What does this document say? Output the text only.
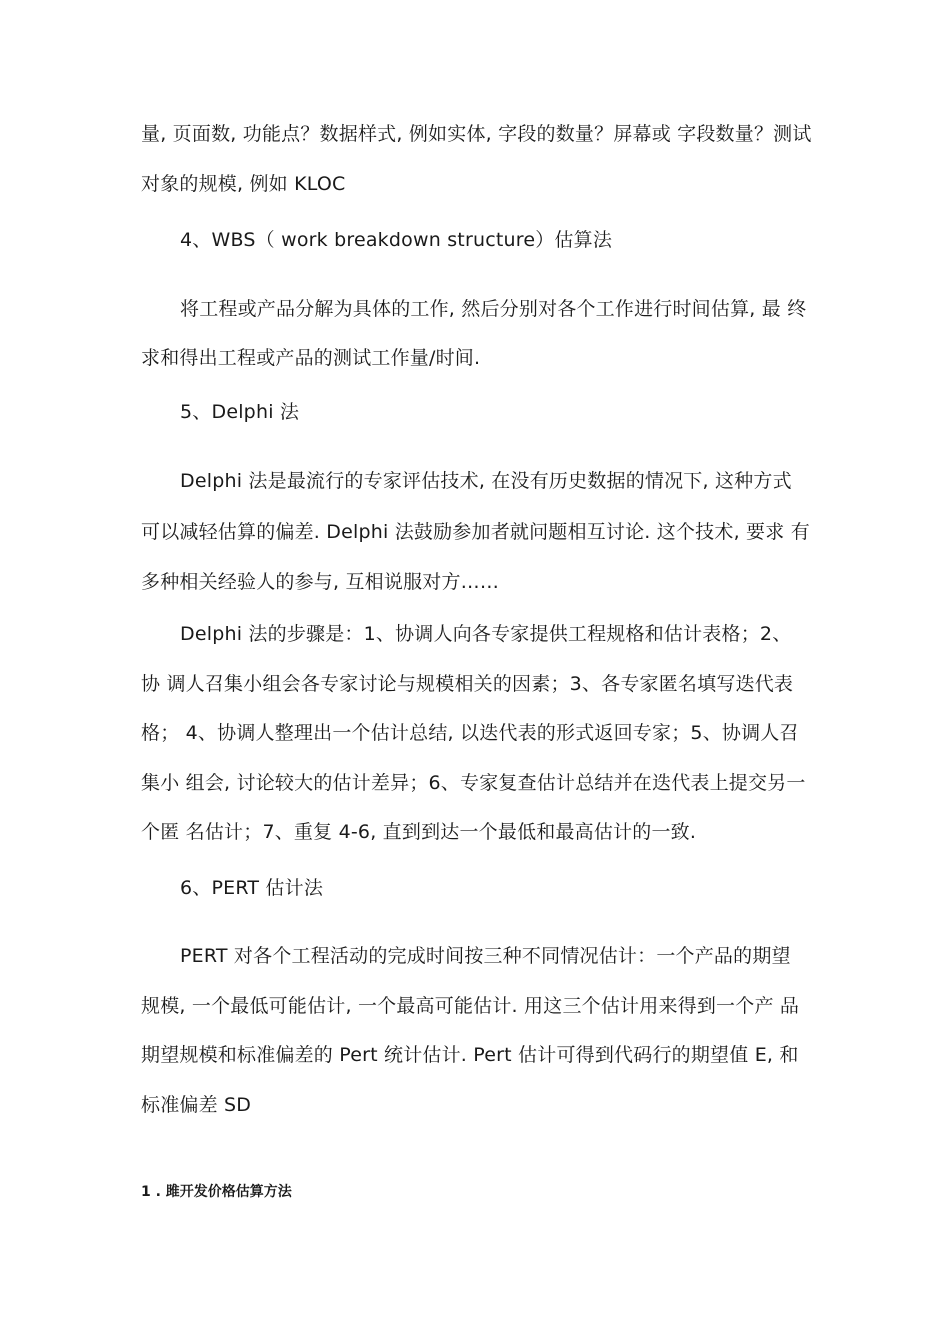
量, 页面数, 功能点？数据样式, 例如实体, 字段的数量？屏幕或 字段数量？测试
对象的规模, 例如 KLOC
4、WBS（ work breakdown structure）估算法
将工程或产品分解为具体的工作, 然后分别对各个工作进行时间估算, 最 终
求和得出工程或产品的测试工作量/时间.
5、Delphi 法
Delphi 法是最流行的专家评估技术, 在没有历史数据的情况下, 这种方式
可以减轻估算的偏差. Delphi 法鼓励参加者就问题相互讨论. 这个技术, 要求 有
多种相关经验人的参与, 互相说服对方……
Delphi 法的步骤是：1、协调人向各专家提供工程规格和估计表格；2、
协 调人召集小组会各专家讨论与规模相关的因素；3、各专家匿名填写迭代表
格； 4、协调人整理出一个估计总结, 以迭代表的形式返回专家；5、协调人召
集小 组会, 讨论较大的估计差异；6、专家复查估计总结并在迭代表上提交另一
个匿 名估计；7、重复 4-6, 直到到达一个最低和最高估计的一致.
6、PERT 估计法
PERT 对各个工程活动的完成时间按三种不同情况估计：一个产品的期望
规模, 一个最低可能估计, 一个最高可能估计. 用这三个估计用来得到一个产 品
期望规模和标准偏差的 Pert 统计估计. Pert 估计可得到代码行的期望值 E, 和
标准偏差 SD
1 . 雎开发价格估算方法
